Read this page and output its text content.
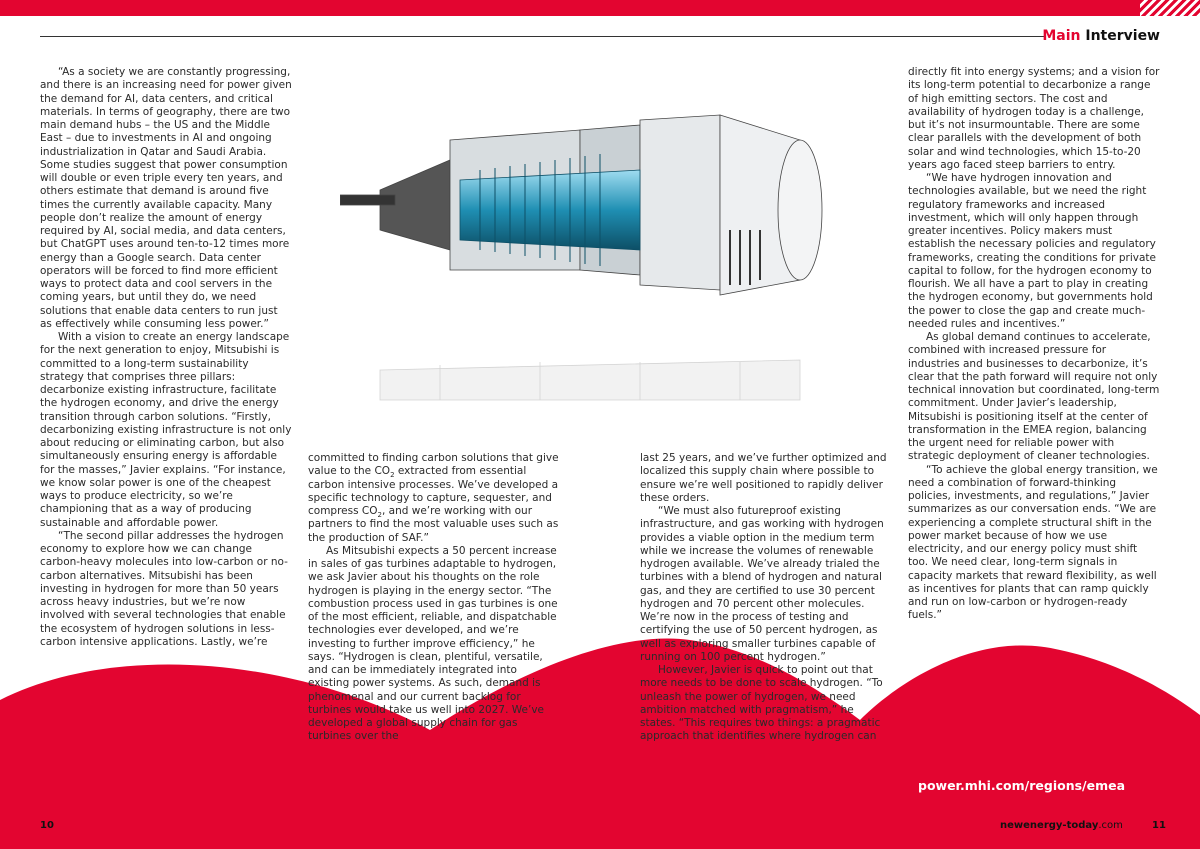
Main Interview

“As a society we are constantly progressing, and there is an increasing need for power given the demand for AI, data centers, and critical materials. In terms of geography, there are two main demand hubs – the US and the Middle East – due to investments in AI and ongoing industrialization in Qatar and Saudi Arabia. Some studies suggest that power consumption will double or even triple every ten years, and others estimate that demand is around five times the currently available capacity. Many people don’t realize the amount of energy required by AI, social media, and data centers, but ChatGPT uses around ten-to-12 times more energy than a Google search. Data center operators will be forced to find more efficient ways to protect data and cool servers in the coming years, but until they do, we need solutions that enable data centers to run just as effectively while consuming less power.”

With a vision to create an energy landscape for the next generation to enjoy, Mitsubishi is committed to a long-term sustainability strategy that comprises three pillars: decarbonize existing infrastructure, facilitate the hydrogen economy, and drive the energy transition through carbon solutions. “Firstly, decarbonizing existing infrastructure is not only about reducing or eliminating carbon, but also simultaneously ensuring energy is affordable for the masses,” Javier explains. “For instance, we know solar power is one of the cheapest ways to produce electricity, so we’re championing that as a way of producing sustainable and affordable power.

“The second pillar addresses the hydrogen economy to explore how we can change carbon-heavy molecules into low-carbon or no-carbon alternatives. Mitsubishi has been investing in hydrogen for more than 50 years across heavy industries, but we’re now involved with several technologies that enable the ecosystem of hydrogen solutions in less-carbon intensive applications. Lastly, we’re

committed to finding carbon solutions that give value to the $CO_2$ extracted from essential carbon intensive processes. We’ve developed a specific technology to capture, sequester, and compress $CO_2$, and we’re working with our partners to find the most valuable uses such as the production of SAF.”

As Mitsubishi expects a 50 percent increase in sales of gas turbines adaptable to hydrogen, we ask Javier about his thoughts on the role hydrogen is playing in the energy sector. “The combustion process used in gas turbines is one of the most efficient, reliable, and dispatchable technologies ever developed, and we’re investing to further improve efficiency,” he says. “Hydrogen is clean, plentiful, versatile, and can be immediately integrated into existing power systems. As such, demand is phenomenal and our current backlog for turbines would take us well into 2027. We’ve developed a global supply chain for gas turbines over the

last 25 years, and we’ve further optimized and localized this supply chain where possible to ensure we’re well positioned to rapidly deliver these orders.

“We must also futureproof existing infrastructure, and gas working with hydrogen provides a viable option in the medium term while we increase the volumes of renewable hydrogen available. We’ve already trialed the turbines with a blend of hydrogen and natural gas, and they are certified to use 30 percent hydrogen and 70 percent other molecules. We’re now in the process of testing and certifying the use of 50 percent hydrogen, as well as exploring smaller turbines capable of running on 100 percent hydrogen.”

However, Javier is quick to point out that more needs to be done to scale hydrogen. “To unleash the power of hydrogen, we need ambition matched with pragmatism,” he states. “This requires two things: a pragmatic approach that identifies where hydrogen can

directly fit into energy systems; and a vision for its long-term potential to decarbonize a range of high emitting sectors. The cost and availability of hydrogen today is a challenge, but it’s not insurmountable. There are some clear parallels with the development of both solar and wind technologies, which 15-to-20 years ago faced steep barriers to entry.

“We have hydrogen innovation and technologies available, but we need the right regulatory frameworks and increased investment, which will only happen through greater incentives. Policy makers must establish the necessary policies and regulatory frameworks, creating the conditions for private capital to follow, for the hydrogen economy to flourish. We all have a part to play in creating the hydrogen economy, but governments hold the power to close the gap and create much-needed rules and incentives.”

As global demand continues to accelerate, combined with increased pressure for industries and businesses to decarbonize, it’s clear that the path forward will require not only technical innovation but coordinated, long-term commitment. Under Javier’s leadership, Mitsubishi is positioning itself at the center of transformation in the EMEA region, balancing the urgent need for reliable power with strategic deployment of cleaner technologies.

“To achieve the global energy transition, we need a combination of forward-thinking policies, investments, and regulations,” Javier summarizes as our conversation ends. “We are experiencing a complete structural shift in the power market because of how we use electricity, and our energy policy must shift too. We need clear, long-term signals in capacity markets that reward flexibility, as well as incentives for plants that can ramp quickly and run on low-carbon or hydrogen-ready fuels.”

power.mhi.com/regions/emea
10	newenergy-today.com	11
